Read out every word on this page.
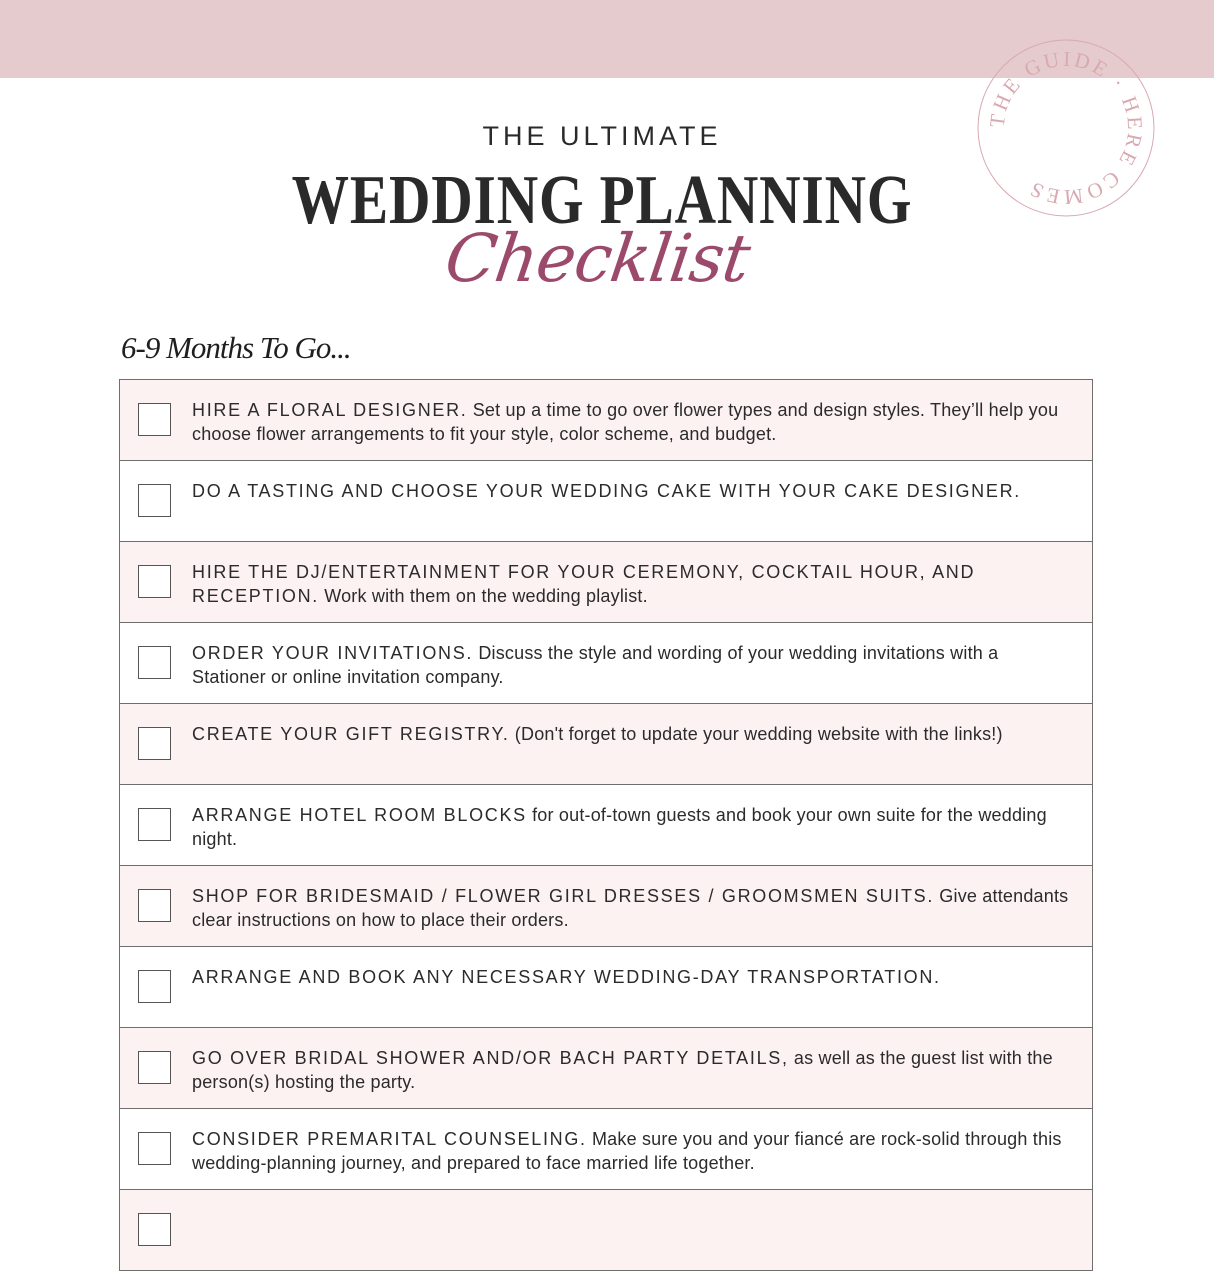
THE GUIDE · HERE COMES
THE ULTIMATE
WEDDING PLANNING
Checklist
6-9 Months To Go...
HIRE A FLORAL DESIGNER. Set up a time to go over flower types and design styles. They’ll help you choose flower arrangements to fit your style, color scheme, and budget.
DO A TASTING AND CHOOSE YOUR WEDDING CAKE WITH YOUR CAKE DESIGNER.
HIRE THE DJ/ENTERTAINMENT FOR YOUR CEREMONY, COCKTAIL HOUR, AND RECEPTION. Work with them on the wedding playlist.
ORDER YOUR INVITATIONS. Discuss the style and wording of your wedding invitations with a Stationer or online invitation company.
CREATE YOUR GIFT REGISTRY. (Don't forget to update your wedding website with the links!)
ARRANGE HOTEL ROOM BLOCKS for out-of-town guests and book your own suite for the wedding night.
SHOP FOR BRIDESMAID / FLOWER GIRL DRESSES / GROOMSMEN SUITS. Give attendants clear instructions on how to place their orders.
ARRANGE AND BOOK ANY NECESSARY WEDDING-DAY TRANSPORTATION.
GO OVER BRIDAL SHOWER AND/OR BACH PARTY DETAILS, as well as the guest list with the person(s) hosting the party.
CONSIDER PREMARITAL COUNSELING. Make sure you and your fiancé are rock-solid through this wedding-planning journey, and prepared to face married life together.
